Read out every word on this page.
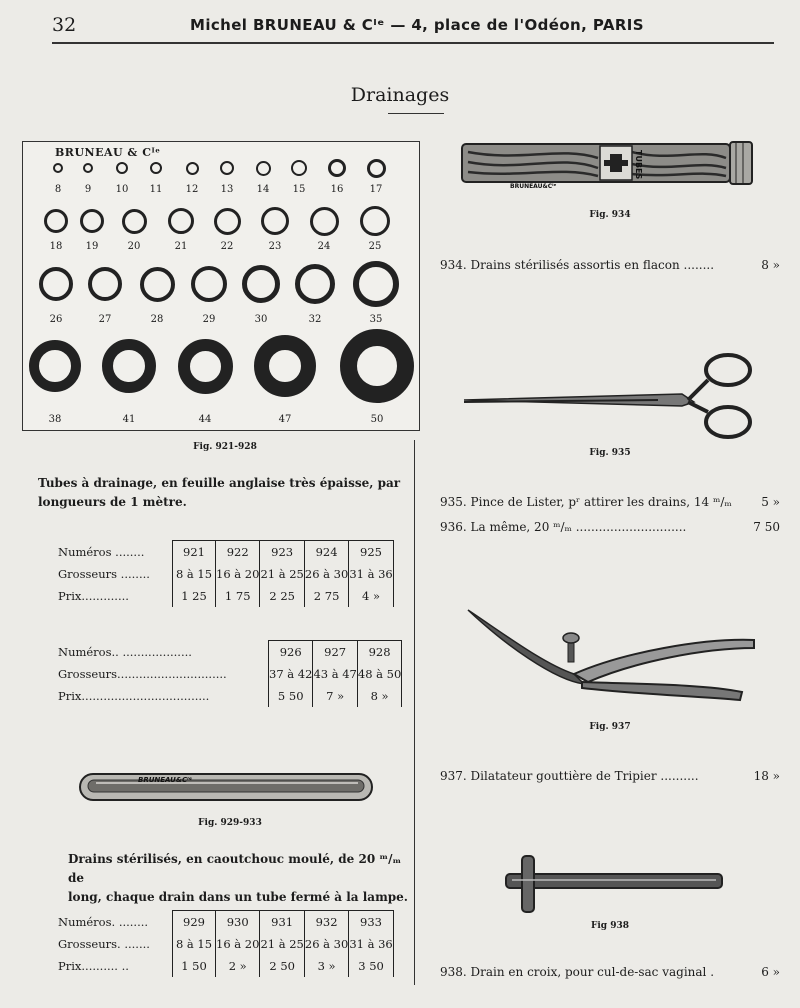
32	Michel BRUNEAU & Cᴵᵉ — 4, place de l'Odéon, PARIS
Drainages
BRUNEAU & Cᴵᵉ
8	9	10	11	12	13	14	15	16	17
18	19	20	21	22	23	24	25
26	27	28	29	30	32	35
38	41	44	47	50
Fig. 921-928
Tubes à drainage, en feuille anglaise très épaisse, par
longueurs de 1 mètre.
Numéros ........	921	922	923	924	925
Grosseurs ........	8 à 15	16 à 20	21 à 25	26 à 30	31 à 36
Prix.............	1 25	1 75	2 25	2 75	4 »
Numéros.. ...................	926	927	928
Grosseurs..............................	37 à 42	43 à 47	48 à 50
Prix...................................	5 50	7 »	8 »
BRUNEAU&Cᴵᵉ
Fig. 929-933
Drains stérilisés, en caoutchouc moulé, de 20 ᵐ/ₘ de
long, chaque drain dans un tube fermé à la lampe.
Numéros. ........	929	930	931	932	933
Grosseurs. .......	8 à 15	16 à 20	21 à 25	26 à 30	31 à 36
Prix.......... ..	1 50	2 »	2 50	3 »	3 50
TUBES
BRUNEAU&Cᴵᵉ
Fig. 934
934. Drains stérilisés assortis en flacon ........	8 »
Fig. 935
935. Pince de Lister, pʳ attirer les drains, 14 ᵐ/ₘ	5 »
936. La même, 20 ᵐ/ₘ .............................	7 50
Fig. 937
937. Dilatateur gouttière de Tripier ..........	18 »
Fig 938
938. Drain en croix, pour cul-de-sac vaginal .	6 »
